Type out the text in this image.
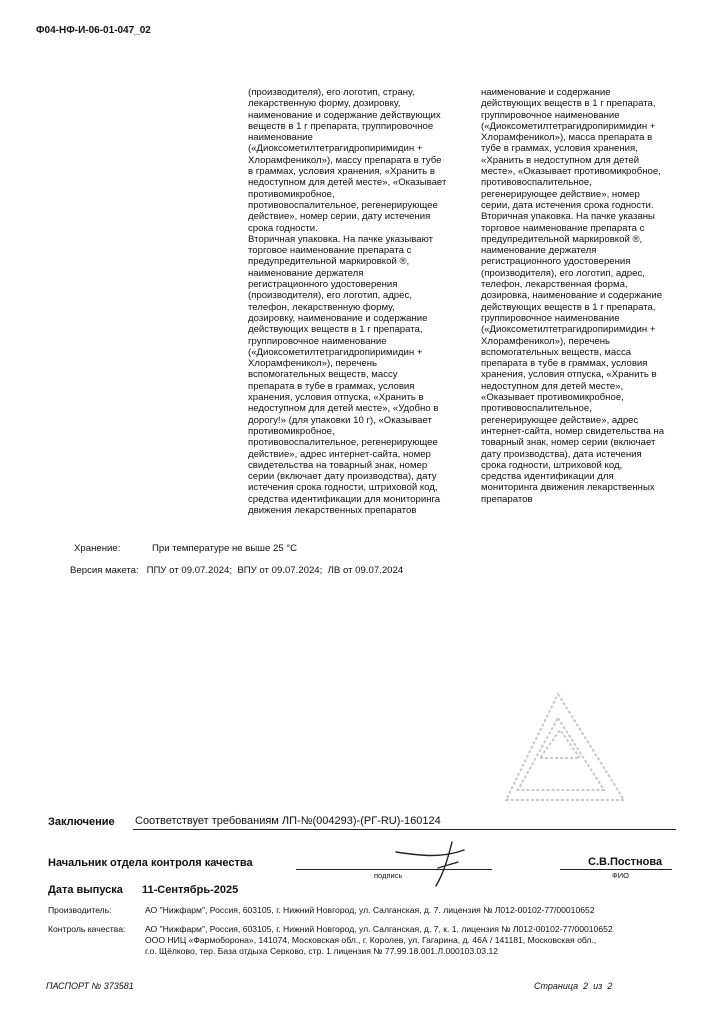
Ф04-НФ-И-06-01-047_02
(производителя), его логотип, страну,
лекарственную форму, дозировку,
наименование и содержание действующих
веществ в 1 г препарата, группировочное
наименование
(«Диоксометилтетрагидропиримидин +
Хлорамфеникол»), массу препарата в тубе
в граммах, условия хранения, «Хранить в
недоступном для детей месте», «Оказывает
противомикробное,
противовоспалительное, регенерирующее
действие», номер серии, дату истечения
срока годности.
Вторичная упаковка. На пачке указывают
торговое наименование препарата с
предупредительной маркировкой ®,
наименование держателя
регистрационного удостоверения
(производителя), его логотип, адрес,
телефон, лекарственную форму,
дозировку, наименование и содержание
действующих веществ в 1 г препарата,
группировочное наименование
(«Диоксометилтетрагидропиримидин +
Хлорамфеникол»), перечень
вспомогательных веществ, массу
препарата в тубе в граммах, условия
хранения, условия отпуска, «Хранить в
недоступном для детей месте», «Удобно в
дорогу!» (для упаковки 10 г), «Оказывает
противомикробное,
противовоспалительное, регенерирующее
действие», адрес интернет-сайта, номер
свидетельства на товарный знак, номер
серии (включает дату производства), дату
истечения срока годности, штриховой код,
средства идентификации для мониторинга
движения лекарственных препаратов
наименование и содержание
действующих веществ в 1 г препарата,
группировочное наименование
(«Диоксометилтетрагидропиримидин +
Хлорамфеникол»), масса препарата в
тубе в граммах, условия хранения,
«Хранить в недоступном для детей
месте», «Оказывает противомикробное,
противовоспалительное,
регенерирующее действие», номер
серии, дата истечения срока годности.
Вторичная упаковка. На пачке указаны
торговое наименование препарата с
предупредительной маркировкой ®,
наименование держателя
регистрационного удостоверения
(производителя), его логотип, адрес,
телефон, лекарственная форма,
дозировка, наименование и содержание
действующих веществ в 1 г препарата,
группировочное наименование
(«Диоксометилтетрагидропиримидин +
Хлорамфеникол»), перечень
вспомогательных веществ, масса
препарата в тубе в граммах, условия
хранения, условия отпуска, «Хранить в
недоступном для детей месте»,
«Оказывает противомикробное,
противовоспалительное,
регенерирующее действие», адрес
интернет-сайта, номер свидетельства на
товарный знак, номер серии (включает
дату производства), дата истечения
срока годности, штриховой код,
средства идентификации для
мониторинга движения лекарственных
препаратов
Хранение:	При температуре не выше 25 °С
Версия макета:   ППУ от 09.07.2024;  ВПУ от 09.07.2024;  ЛВ от 09.07.2024
Заключение Соответствует требованиям ЛП-№(004293)-(РГ-RU)-160124
Начальник отдела контроля качества
подпись
С.В.Постнова
ФИО
Дата выпуска 11-Сентябрь-2025
Производитель:	АО "Нижфарм", Россия, 603105, г. Нижний Новгород, ул. Салганская, д. 7. лицензия № Л012-00102-77/00010652
Контроль качества: АО "Нижфарм", Россия, 603105, г. Нижний Новгород, ул. Салганская, д. 7, к. 1, лицензия № Л012-00102-77/00010652
ООО НИЦ «Фармоборона», 141074, Московская обл., г. Королев, ул. Гагарина, д. 46А / 141181, Московская обл.,
г.о. Щёлково, тер. База отдыха Серково, стр. 1 лицензия № 77.99.18.001.Л.000103.03.12
ПАСПОРТ № 373581	Страница  2  из  2
